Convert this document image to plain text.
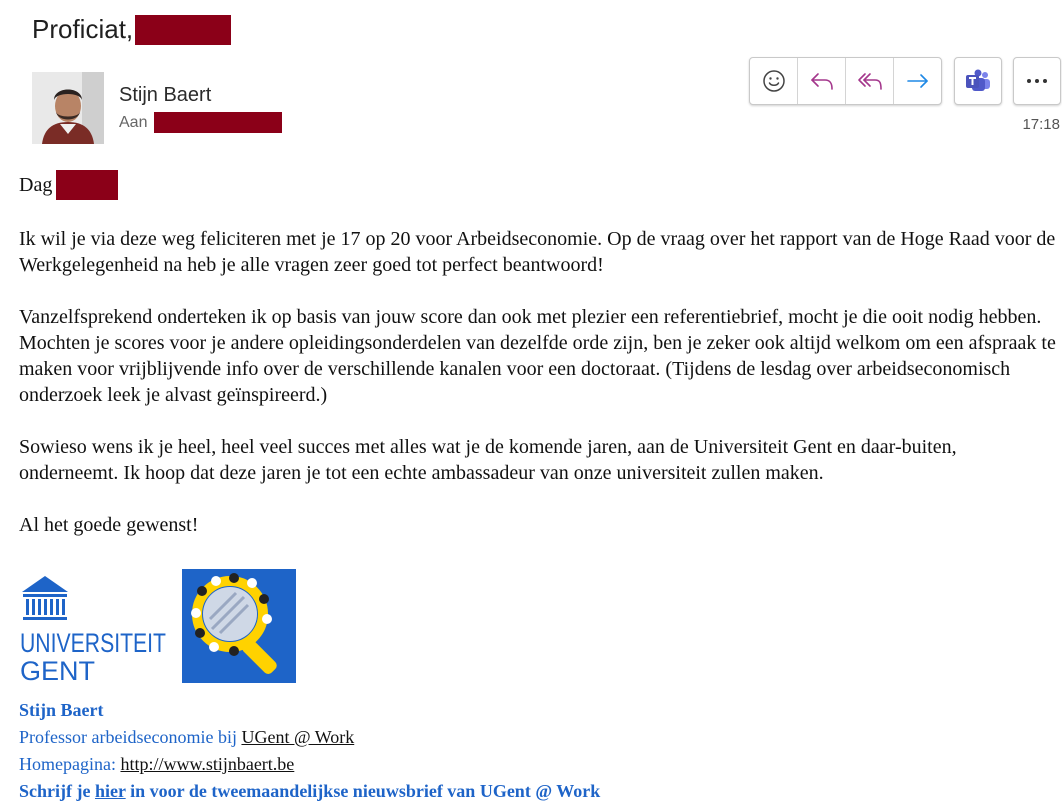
Proficiat,
Stijn Baert
Aan	17:18

Dag

Ik wil je via deze weg feliciteren met je 17 op 20 voor Arbeidseconomie. Op de vraag over het rapport van de Hoge Raad voor de Werkgelegenheid na heb je alle vragen zeer goed tot perfect beantwoord!

Vanzelfsprekend onderteken ik op basis van jouw score dan ook met plezier een referentiebrief, mocht je die ooit nodig hebben. Mochten je scores voor je andere opleidingsonderdelen van dezelfde orde zijn, ben je zeker ook altijd welkom om een afspraak te maken voor vrijblijvende info over de verschillende kanalen voor een doctoraat. (Tijdens de lesdag over arbeidseconomisch onderzoek leek je alvast geïnspireerd.)

Sowieso wens ik je heel, heel veel succes met alles wat je de komende jaren, aan de Universiteit Gent en daar-buiten, onderneemt. Ik hoop dat deze jaren je tot een echte ambassadeur van onze universiteit zullen maken.

Al het goede gewenst!

UNIVERSITEIT
GENT
Stijn Baert
Professor arbeidseconomie bij UGent @ Work
Homepagina: http://www.stijnbaert.be
Schrijf je hier in voor de tweemaandelijkse nieuwsbrief van UGent @ Work
